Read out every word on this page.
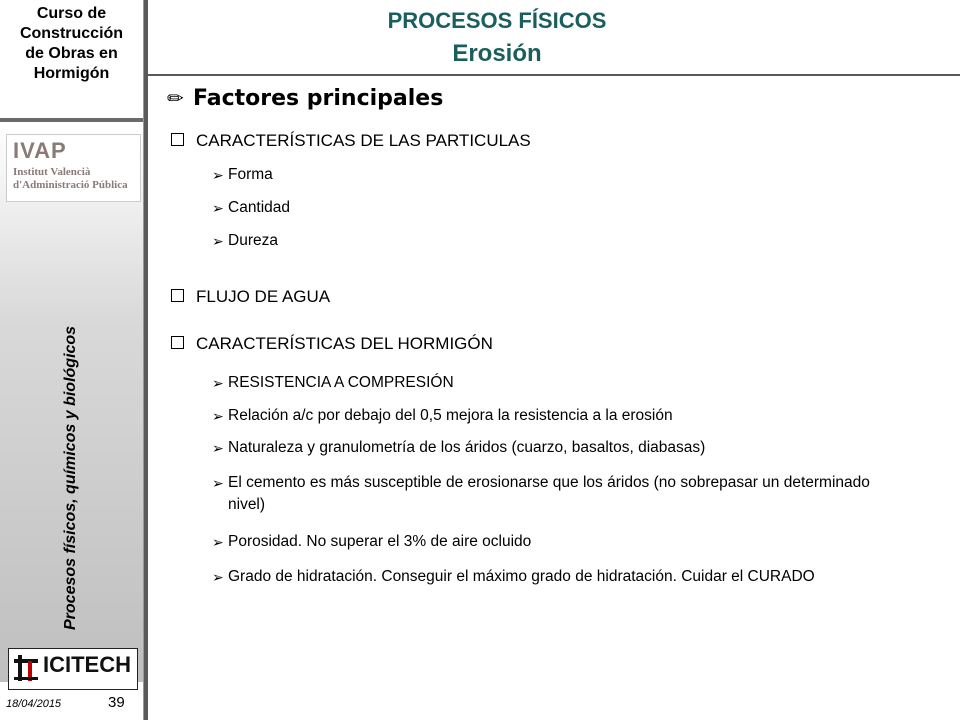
Curso de
Construcción
de Obras en
Hormigón
IVAP
Institut Valencià
d'Administració Pública
Procesos físicos, químicos y biológicos
ICITECH
18/04/2015	39
PROCESOS FÍSICOS
Erosión
✏ Factores principales
CARACTERÍSTICAS DE LAS PARTICULAS
➢ Forma
➢ Cantidad
➢ Dureza
FLUJO DE AGUA
CARACTERÍSTICAS DEL HORMIGÓN
➢ RESISTENCIA A COMPRESIÓN
➢ Relación a/c por debajo del 0,5 mejora la resistencia a la erosión
➢ Naturaleza y granulometría de los áridos (cuarzo, basaltos, diabasas)
➢ El cemento es más susceptible de erosionarse que los áridos (no sobrepasar un determinado nivel)
➢ Porosidad. No superar el 3% de aire ocluido
➢ Grado de hidratación. Conseguir el máximo grado de hidratación. Cuidar el CURADO
